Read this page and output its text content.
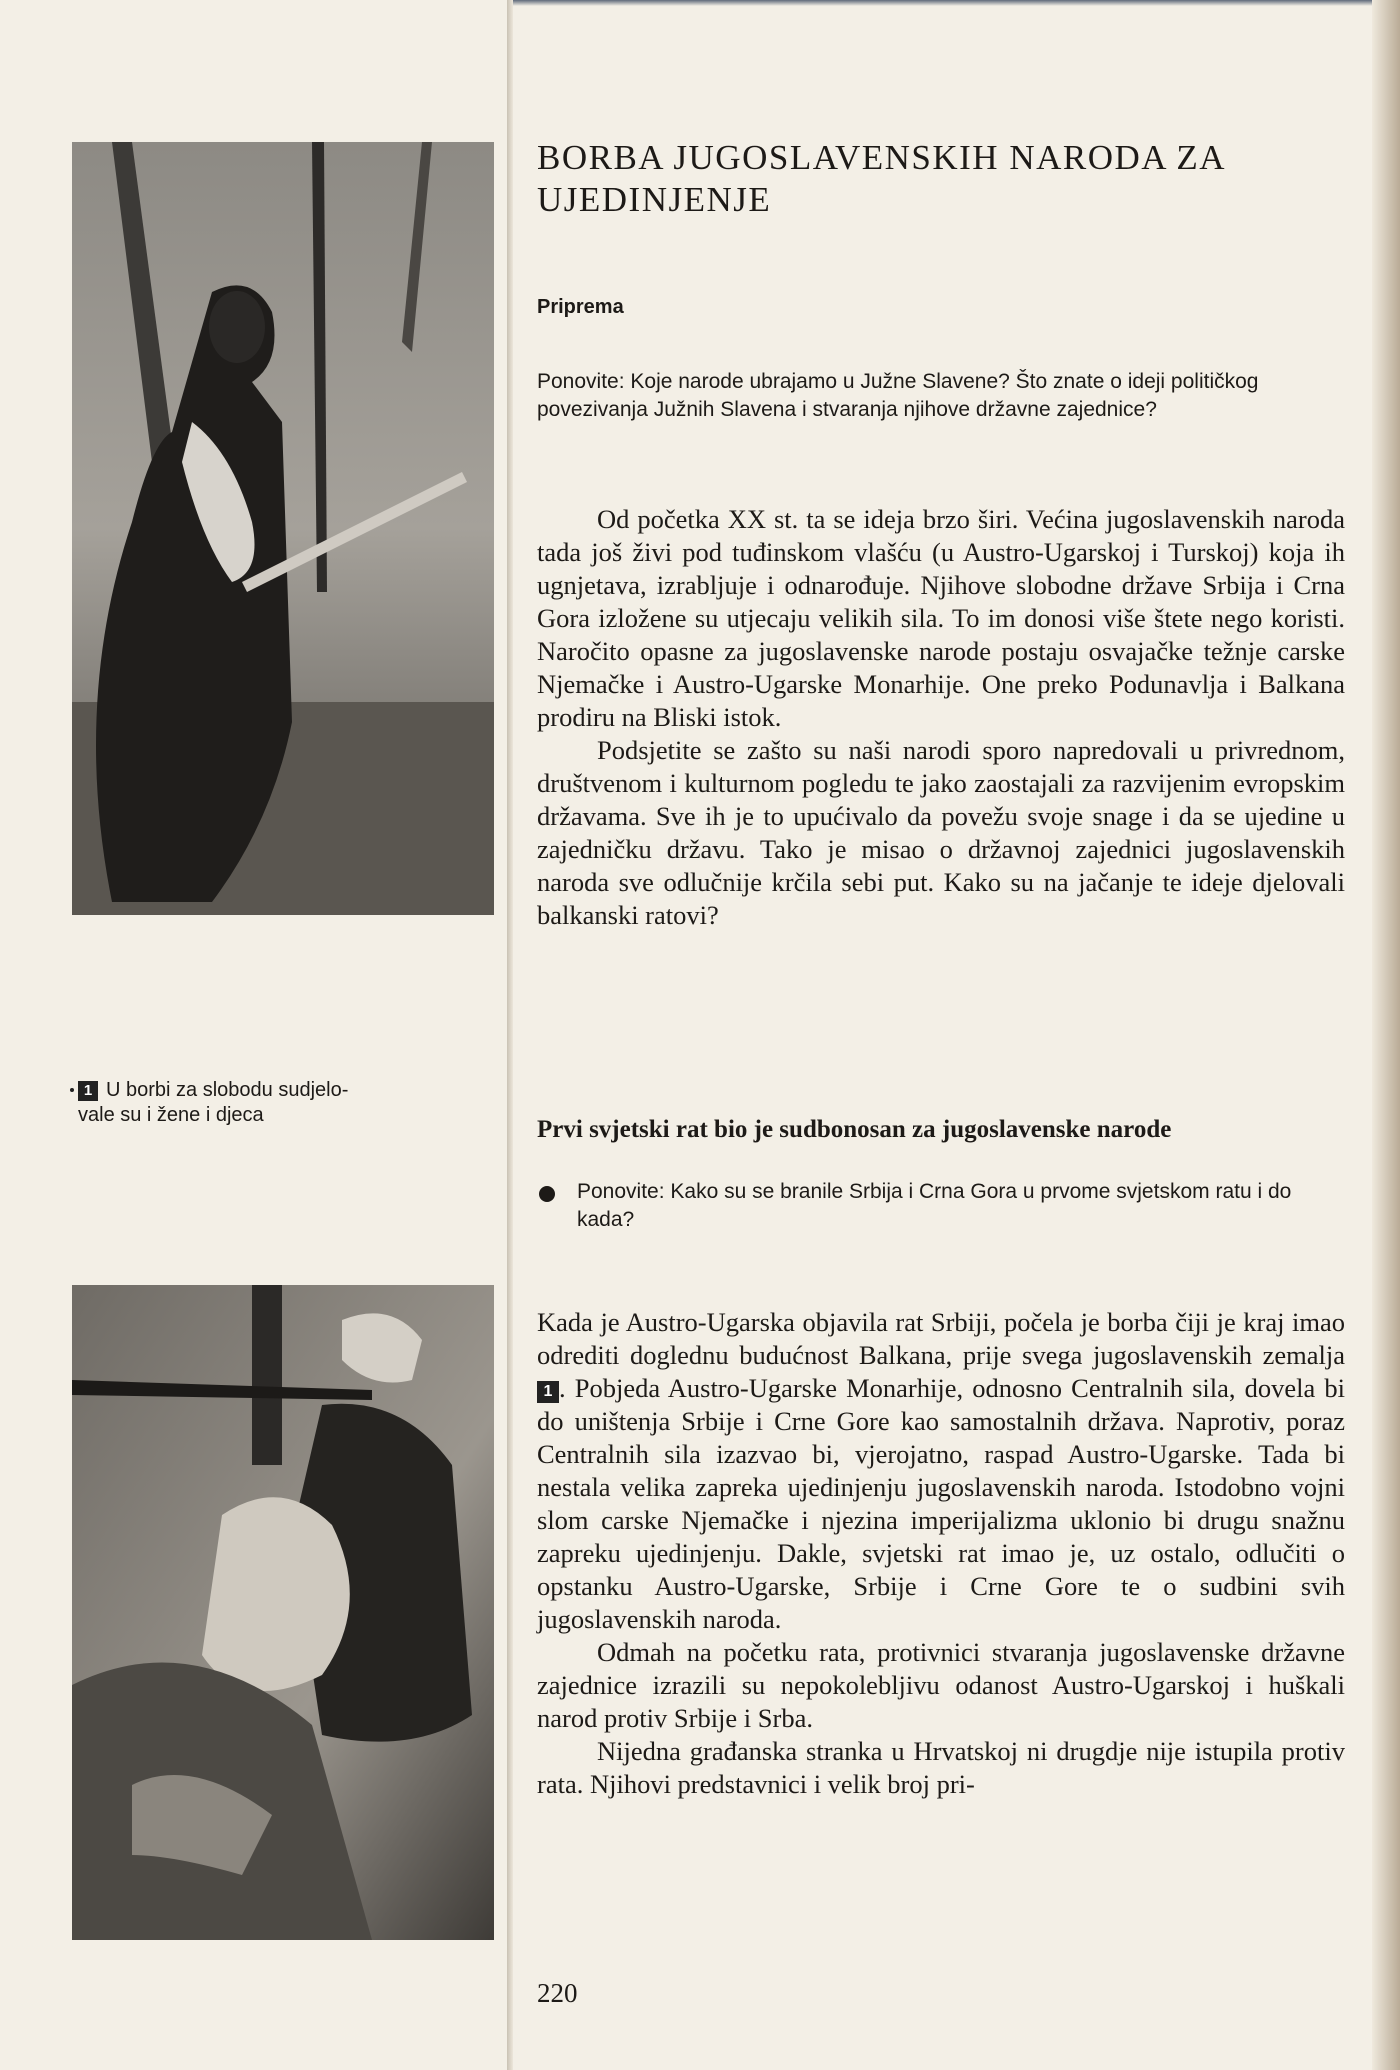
1 U borbi za slobodu sudjelo-
vale su i žene i djeca
BORBA JUGOSLAVENSKIH NARODA ZA UJEDINJENJE
Priprema
Ponovite: Koje narode ubrajamo u Južne Slavene? Što znate o ideji političkog povezivanja Južnih Slavena i stvaranja njihove državne zajednice?

Od početka XX st. ta se ideja brzo širi. Većina jugoslavenskih naroda tada još živi pod tuđinskom vlašću (u Austro-Ugarskoj i Turskoj) koja ih ugnjetava, izrabljuje i odnarođuje. Njihove slobodne države Srbija i Crna Gora izložene su utjecaju velikih sila. To im donosi više štete nego koristi. Naročito opasne za jugoslavenske narode postaju osvajačke težnje carske Njemačke i Austro-Ugarske Monarhije. One preko Podunavlja i Balkana prodiru na Bliski istok.

Podsjetite se zašto su naši narodi sporo napredovali u privrednom, društvenom i kulturnom pogledu te jako zaostajali za razvijenim evropskim državama. Sve ih je to upućivalo da povežu svoje snage i da se ujedine u zajedničku državu. Tako je misao o državnoj zajednici jugoslavenskih naroda sve odlučnije krčila sebi put. Kako su na jačanje te ideje djelovali balkanski ratovi?

Prvi svjetski rat bio je sudbonosan za jugoslavenske narode
Ponovite: Kako su se branile Srbija i Crna Gora u prvome svjetskom ratu i do kada?

Kada je Austro-Ugarska objavila rat Srbiji, počela je borba čiji je kraj imao odrediti doglednu budućnost Balkana, prije svega jugoslavenskih zemalja 1 . Pobjeda Austro-Ugarske Monarhije, odnosno Centralnih sila, dovela bi do uništenja Srbije i Crne Gore kao samostalnih država. Naprotiv, poraz Centralnih sila izazvao bi, vjerojatno, raspad Austro-Ugarske. Tada bi nestala velika zapreka ujedinjenju jugoslavenskih naroda. Istodobno vojni slom carske Njemačke i njezina imperijalizma uklonio bi drugu snažnu zapreku ujedinjenju. Dakle, svjetski rat imao je, uz ostalo, odlučiti o opstanku Austro-Ugarske, Srbije i Crne Gore te o sudbini svih jugoslavenskih naroda.

Odmah na početku rata, protivnici stvaranja jugoslavenske državne zajednice izrazili su nepokolebljivu odanost Austro-Ugarskoj i huškali narod protiv Srbije i Srba.

Nijedna građanska stranka u Hrvatskoj ni drugdje nije istupila protiv rata. Njihovi predstavnici i velik broj pri-

220
